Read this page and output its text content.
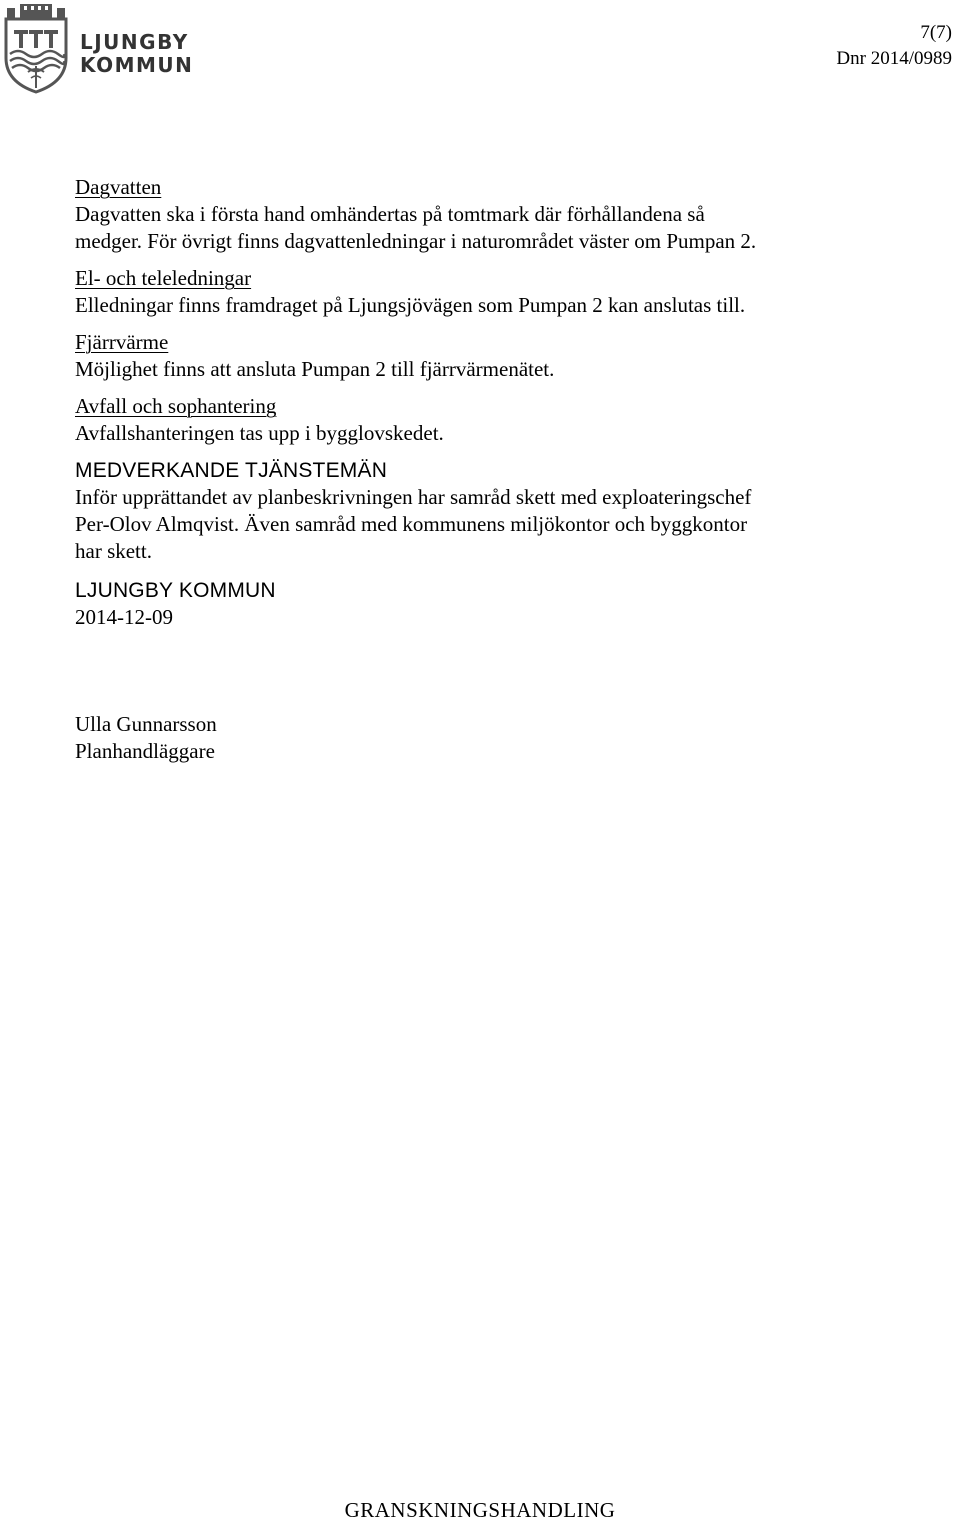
LJUNGBY
KOMMUN
7(7)
Dnr 2014/0989
Dagvatten
Dagvatten ska i första hand omhändertas på tomtmark där förhållandena så
medger. För övrigt finns dagvattenledningar i naturområdet väster om Pumpan 2.
El- och teleledningar
Elledningar finns framdraget på Ljungsjövägen som Pumpan 2 kan anslutas till.
Fjärrvärme
Möjlighet finns att ansluta Pumpan 2 till fjärrvärmenätet.
Avfall och sophantering
Avfallshanteringen tas upp i bygglovskedet.
MEDVERKANDE TJÄNSTEMÄN
Inför upprättandet av planbeskrivningen har samråd skett med exploateringschef
Per-Olov Almqvist. Även samråd med kommunens miljökontor och byggkontor
har skett.
LJUNGBY KOMMUN
2014-12-09
Ulla Gunnarsson
Planhandläggare
GRANSKNINGSHANDLING
